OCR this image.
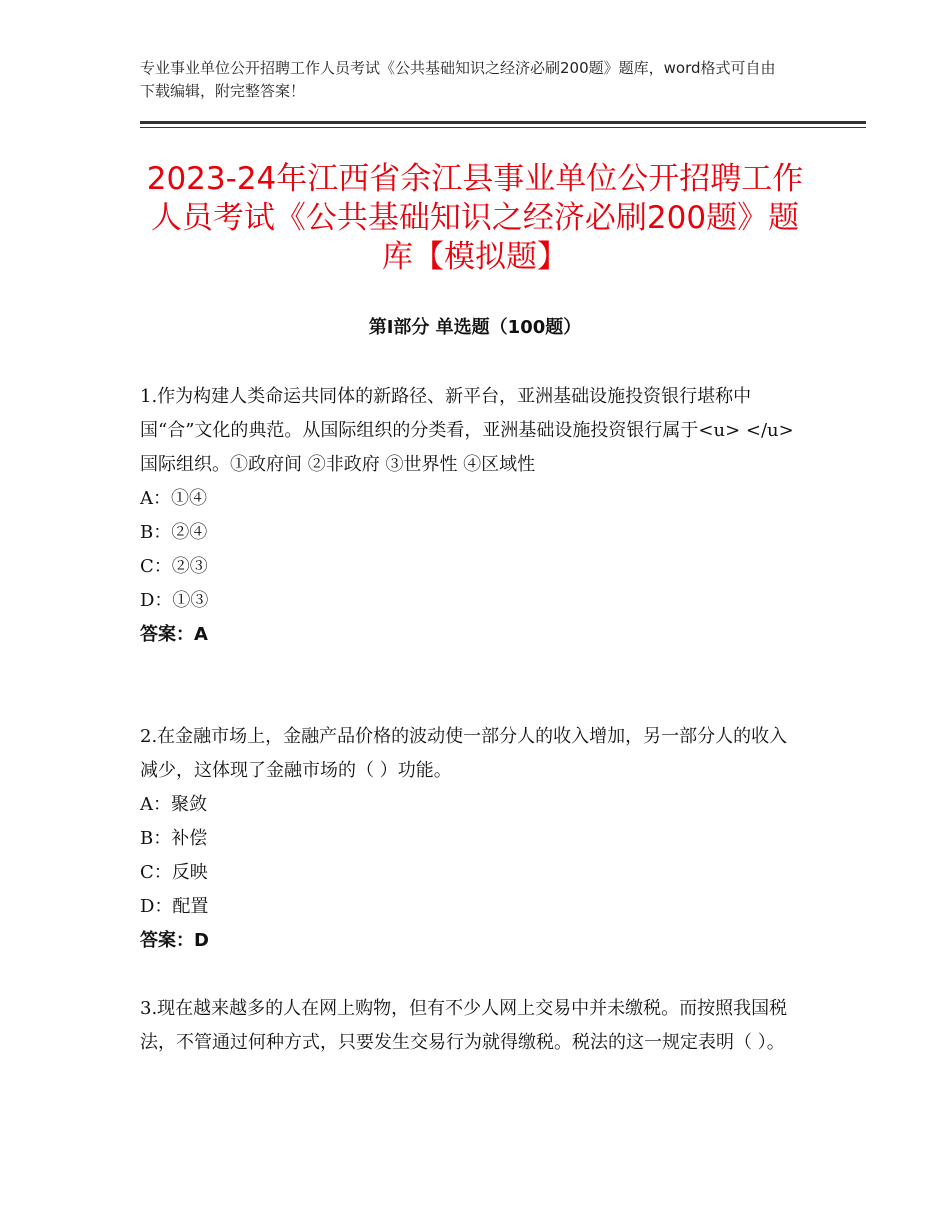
专业事业单位公开招聘工作人员考试《公共基础知识之经济必刷200题》题库，word格式可自由下载编辑，附完整答案！
2023-24年江西省余江县事业单位公开招聘工作人员考试《公共基础知识之经济必刷200题》题库【模拟题】
第Ⅰ部分 单选题（100题）

1.作为构建人类命运共同体的新路径、新平台，亚洲基础设施投资银行堪称中国“合”文化的典范。从国际组织的分类看，亚洲基础设施投资银行属于<u> </u>国际组织。①政府间 ②非政府 ③世界性 ④区域性

A：①④

B：②④

C：②③

D：①③

答案：A

2.在金融市场上，金融产品价格的波动使一部分人的收入增加，另一部分人的收入减少，这体现了金融市场的（ ）功能。

A：聚敛

B：补偿

C：反映

D：配置

答案：D

3.现在越来越多的人在网上购物，但有不少人网上交易中并未缴税。而按照我国税法，不管通过何种方式，只要发生交易行为就得缴税。税法的这一规定表明（ ）。
